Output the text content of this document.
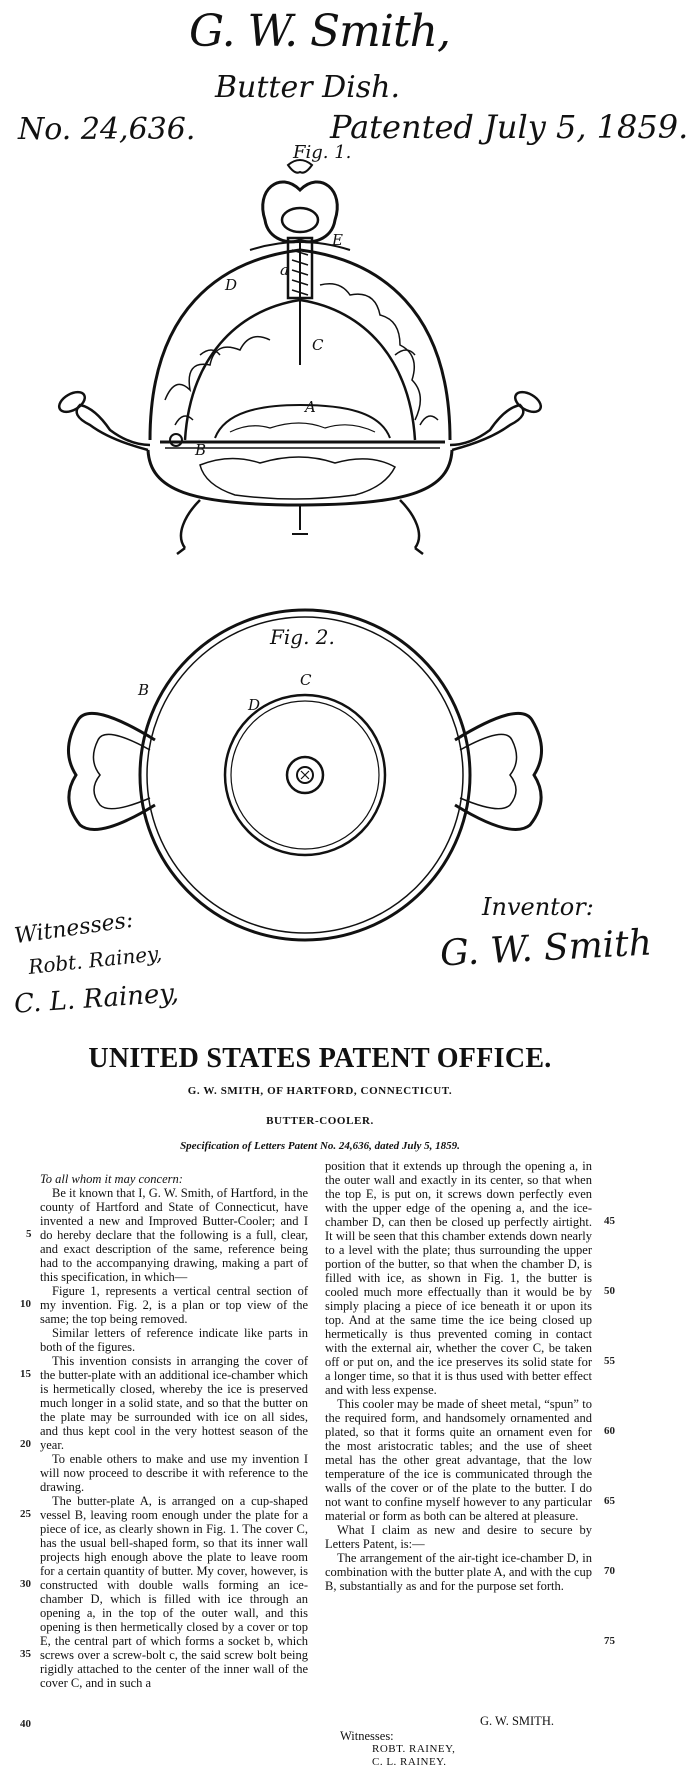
G. W. Smith,
Butter Dish.
No. 24,636.	Patented July 5, 1859.
Fig. 1.
E
a
D
C
A
B
Fig. 2.
C
B
D
Witnesses:
Robt. Rainey,
C. L. Rainey,
Inventor:
G. W. Smith
UNITED STATES PATENT OFFICE.
G. W. SMITH, OF HARTFORD, CONNECTICUT.
BUTTER-COOLER.
Specification of Letters Patent No. 24,636, dated July 5, 1859.

To all whom it may concern:

Be it known that I, G. W. Smith, of Hartford, in the county of Hartford and State of Connecticut, have invented a new and Improved Butter-Cooler; and I do hereby declare that the following is a full, clear, and exact description of the same, reference being had to the accompanying drawing, making a part of this specification, in which—

Figure 1, represents a vertical central section of my invention. Fig. 2, is a plan or top view of the same; the top being removed.

Similar letters of reference indicate like parts in both of the figures.

This invention consists in arranging the cover of the butter-plate with an additional ice-chamber which is hermetically closed, whereby the ice is preserved much longer in a solid state, and so that the butter on the plate may be surrounded with ice on all sides, and thus kept cool in the very hottest season of the year.

To enable others to make and use my invention I will now proceed to describe it with reference to the drawing.

The butter-plate A, is arranged on a cup-shaped vessel B, leaving room enough under the plate for a piece of ice, as clearly shown in Fig. 1. The cover C, has the usual bell-shaped form, so that its inner wall projects high enough above the plate to leave room for a certain quantity of butter. My cover, however, is constructed with double walls forming an ice-chamber D, which is filled with ice through an opening a, in the top of the outer wall, and this opening is then hermetically closed by a cover or top E, the central part of which forms a socket b, which screws over a screw-bolt c, the said screw bolt being rigidly attached to the center of the inner wall of the cover C, and in such a

position that it extends up through the opening a, in the outer wall and exactly in its center, so that when the top E, is put on, it screws down perfectly even with the upper edge of the opening a, and the ice-chamber D, can then be closed up perfectly airtight. It will be seen that this chamber extends down nearly to a level with the plate; thus surrounding the upper portion of the butter, so that when the chamber D, is filled with ice, as shown in Fig. 1, the butter is cooled much more effectually than it would be by simply placing a piece of ice beneath it or upon its top. And at the same time the ice being closed up hermetically is thus prevented coming in contact with the external air, whether the cover C, be taken off or put on, and the ice preserves its solid state for a longer time, so that it is thus used with better effect and with less expense.

This cooler may be made of sheet metal, “spun” to the required form, and handsomely ornamented and plated, so that it forms quite an ornament even for the most aristocratic tables; and the use of sheet metal has the other great advantage, that the low temperature of the ice is communicated through the walls of the cover or of the plate to the butter. I do not want to confine myself however to any particular material or form as both can be altered at pleasure.

What I claim as new and desire to secure by Letters Patent, is:—

The arrangement of the air-tight ice-chamber D, in combination with the butter plate A, and with the cup B, substantially as and for the purpose set forth.

5
10
15
20
25
30
35
40
45
50
55
60
65
70
75
G. W. SMITH.
Witnesses:
ROBT. RAINEY,
C. L. RAINEY.
